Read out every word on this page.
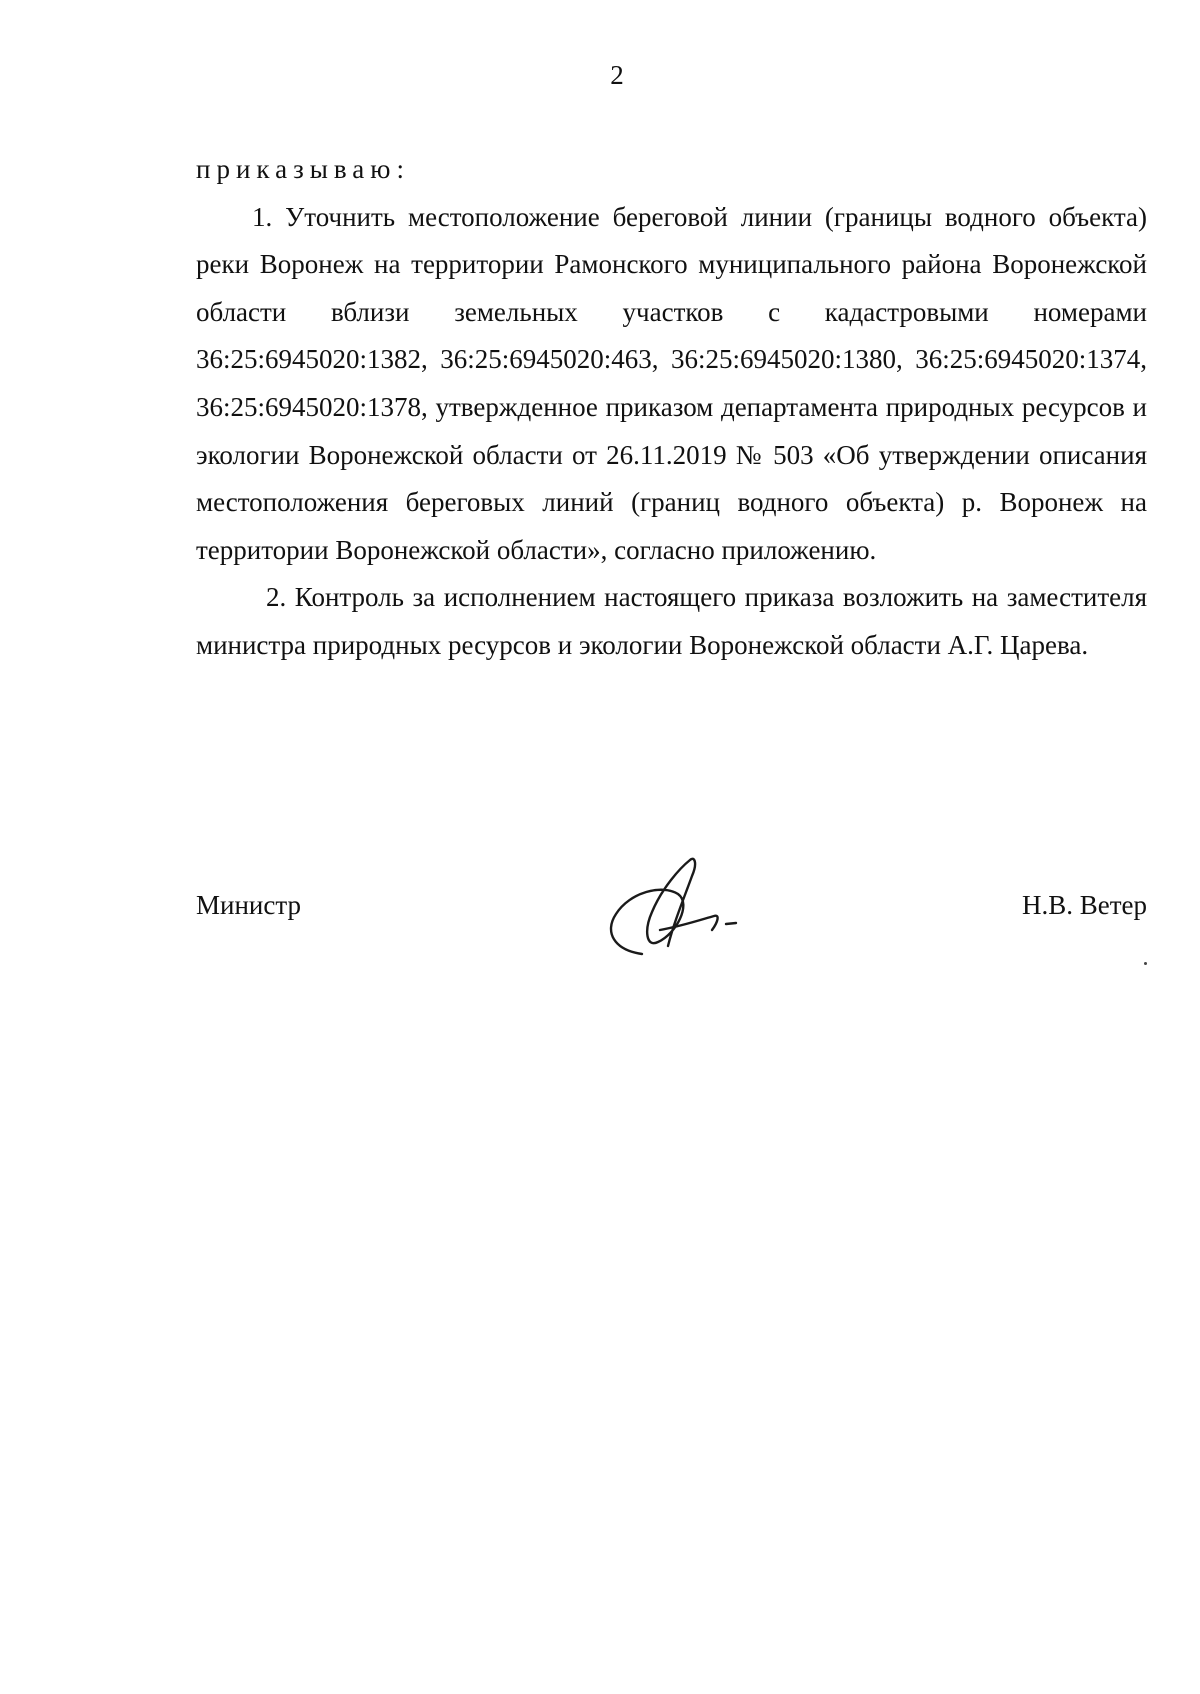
2

приказываю:

1. Уточнить местоположение береговой линии (границы водного объекта) реки Воронеж на территории Рамонского муниципального района Воронежской области вблизи земельных участков с кадастровыми номерами 36:25:6945020:1382, 36:25:6945020:463, 36:25:6945020:1380, 36:25:6945020:1374, 36:25:6945020:1378, утвержденное приказом департамента природных ресурсов и экологии Воронежской области от 26.11.2019 № 503 «Об утверждении описания местоположения береговых линий (границ водного объекта) р. Воронеж на территории Воронежской области», согласно приложению.

2. Контроль за исполнением настоящего приказа возложить на заместителя министра природных ресурсов и экологии Воронежской области А.Г. Царева.

Министр	Н.В. Ветер
